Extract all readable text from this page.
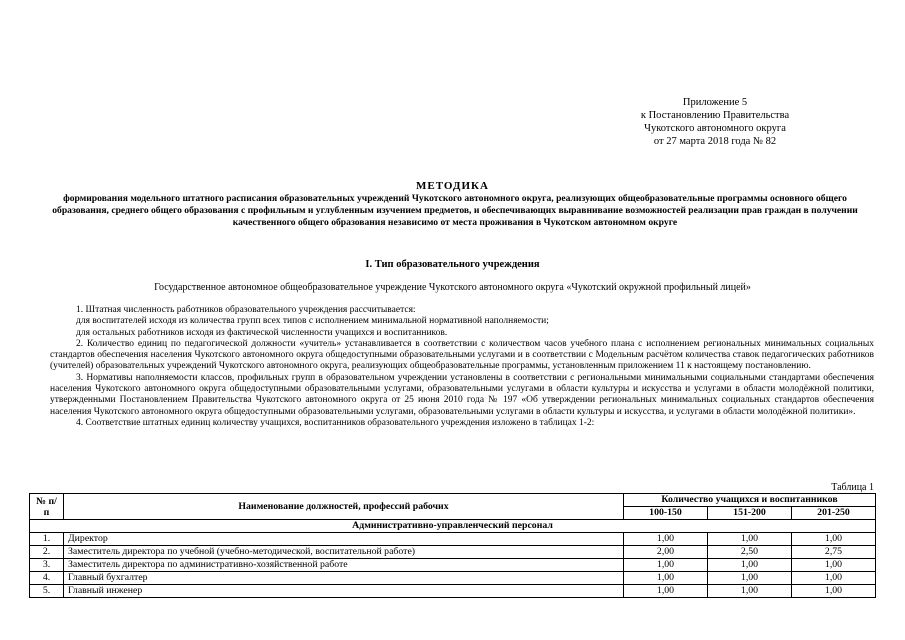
Приложение 5
к Постановлению Правительства
Чукотского автономного округа
от 27 марта 2018 года № 82
МЕТОДИКА
формирования модельного штатного расписания образовательных учреждений Чукотского автономного округа, реализующих общеобразовательные программы основного общего образования, среднего общего образования с профильным и углубленным изучением предметов, и обеспечивающих выравнивание возможностей реализации прав граждан в получении качественного общего образования независимо от места проживания в Чукотском автономном округе
I. Тип образовательного учреждения
Государственное автономное общеобразовательное учреждение Чукотского автономного округа «Чукотский окружной профильный лицей»

1. Штатная численность работников образовательного учреждения рассчитывается:

для воспитателей исходя из количества групп всех типов с исполнением минимальной нормативной наполняемости;

для остальных работников исходя из фактической численности учащихся и воспитанников.

2. Количество единиц по педагогической должности «учитель» устанавливается в соответствии с количеством часов учебного плана с исполнением региональных минимальных социальных стандартов обеспечения населения Чукотского автономного округа общедоступными образовательными услугами и в соответствии с Модельным расчётом количества ставок педагогических работников (учителей) образовательных учреждений Чукотского автономного округа, реализующих общеобразовательные программы, установленным приложением 11 к настоящему постановлению.

3. Нормативы наполняемости классов, профильных групп в образовательном учреждении установлены в соответствии с региональными минимальными социальными стандартами обеспечения населения Чукотского автономного округа общедоступными образовательными услугами, образовательными услугами в области культуры и искусства и услугами в области молодёжной политики, утвержденными Постановлением Правительства Чукотского автономного округа от 25 июня 2010 года № 197 «Об утверждении региональных минимальных социальных стандартов обеспечения населения Чукотского автономного округа общедоступными образовательными услугами, образовательными услугами в области культуры и искусства, и услугами в области молодёжной политики».

4. Соответствие штатных единиц количеству учащихся, воспитанников образовательного учреждения изложено в таблицах 1-2:

Таблица 1
№ п/п	Наименование должностей, профессий рабочих	Количество учащихся и воспитанников		
		100-150	151-200	201-250
Административно-управленческий персонал				
1.	Директор	1,00	1,00	1,00
2.	Заместитель директора по учебной (учебно-методической, воспитательной работе)	2,00	2,50	2,75
3.	Заместитель директора по административно-хозяйственной работе	1,00	1,00	1,00
4.	Главный бухгалтер	1,00	1,00	1,00
5.	Главный инженер	1,00	1,00	1,00
